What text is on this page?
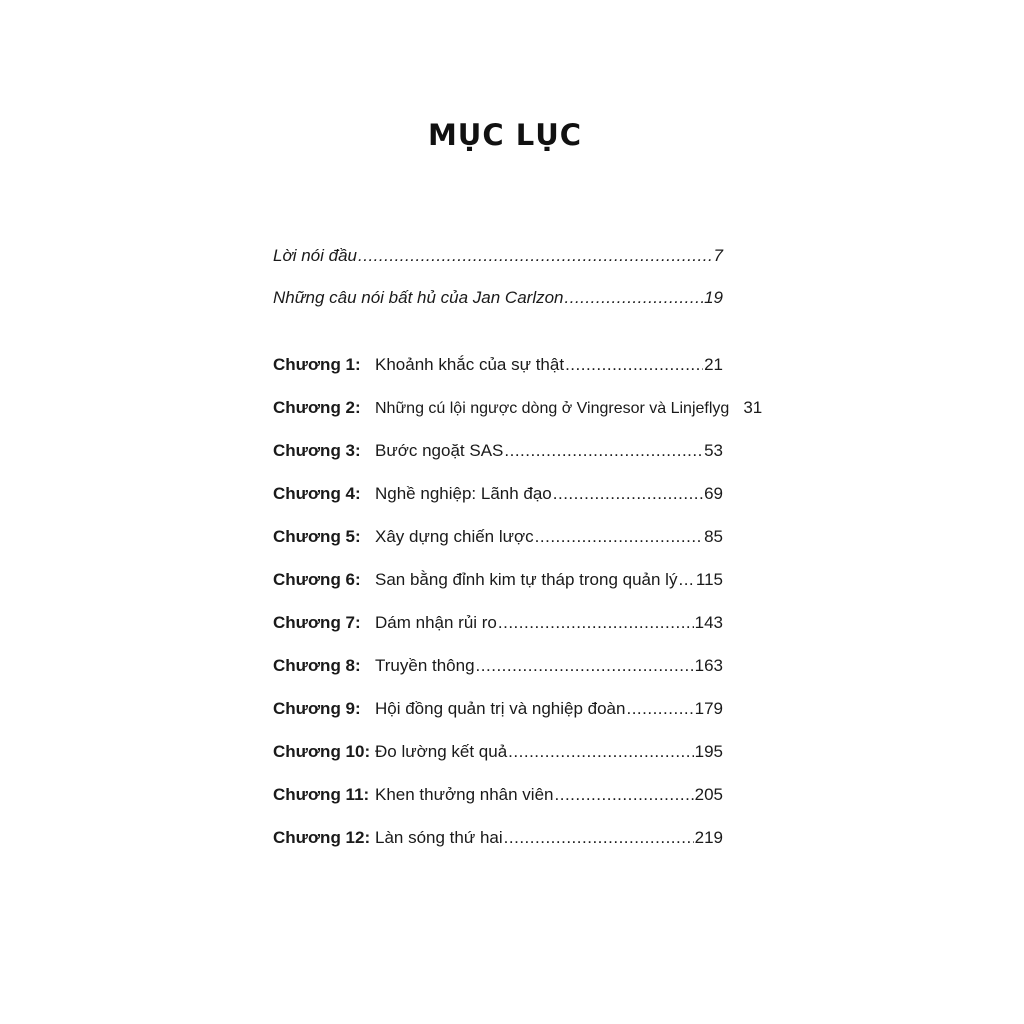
MỤC LỤC
Lời nói đầu .....	7
Những câu nói bất hủ của Jan Carlzon .....	19
Chương 1: Khoảnh khắc của sự thật .....	21
Chương 2: Những cú lội ngược dòng ở Vingresor và Linjeflyg 31
Chương 3: Bước ngoặt SAS .....	53
Chương 4: Nghề nghiệp: Lãnh đạo .....	69
Chương 5: Xây dựng chiến lược .....	85
Chương 6: San bằng đỉnh kim tự tháp trong quản lý ..... 115
Chương 7: Dám nhận rủi ro .....	143
Chương 8: Truyền thông .....	163
Chương 9: Hội đồng quản trị và nghiệp đoàn .....	179
Chương 10: Đo lường kết quả .....	195
Chương 11: Khen thưởng nhân viên .....	205
Chương 12: Làn sóng thứ hai .....	219
